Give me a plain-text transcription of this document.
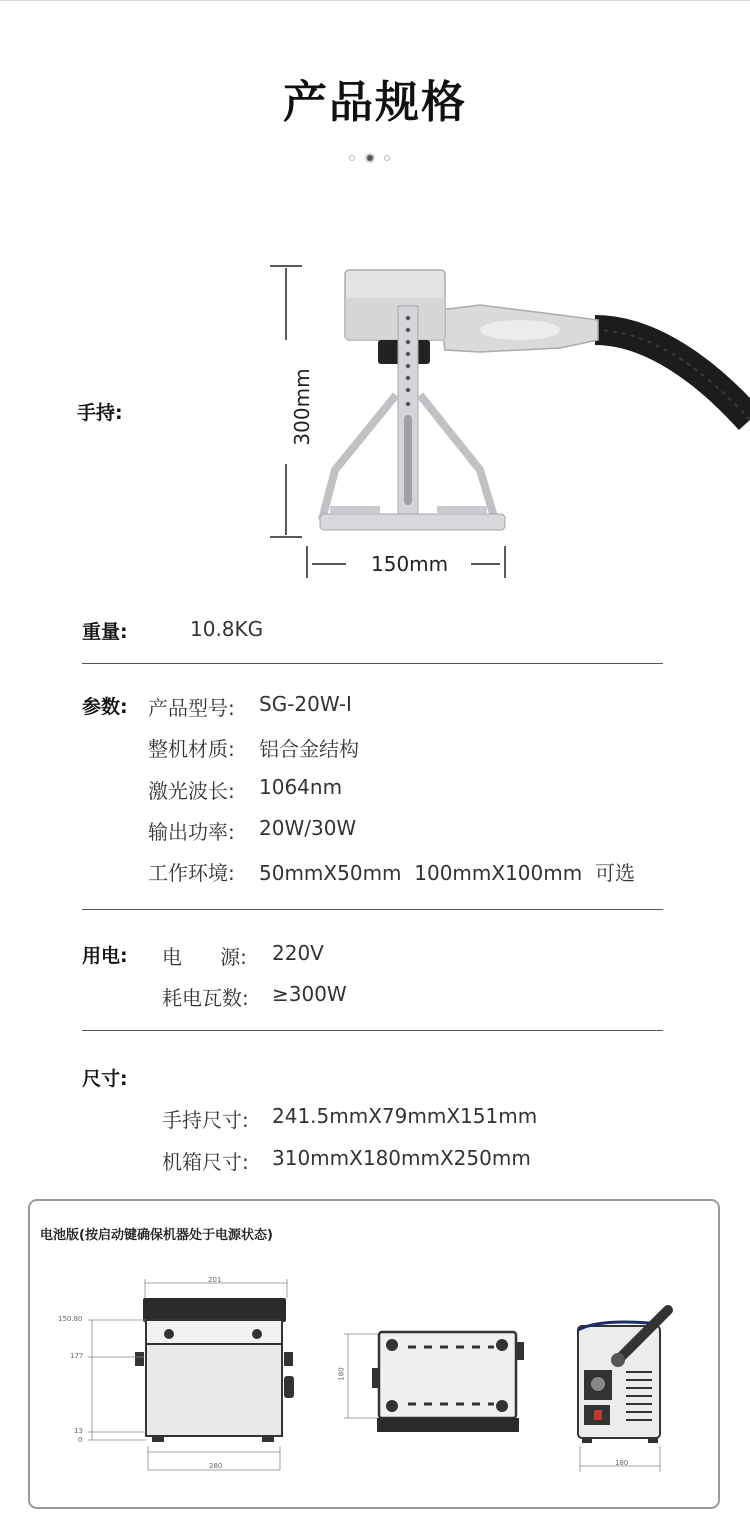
产品规格
手持:	300mm
150mm
重量:	10.8KG
参数: 产品型号: SG-20W-I
整机材质: 铝合金结构
激光波长: 1064nm
输出功率: 20W/30W
工作环境: 50mmX50mm  100mmX100mm  可选
用电: 电      源: 220V
耗电瓦数: ≥300W
尺寸:
手持尺寸: 241.5mmX79mmX151mm
机箱尺寸: 310mmX180mmX250mm
电池版(按启动键确保机器处于电源状态)
201
280
150.80
177
13
0
180
180
